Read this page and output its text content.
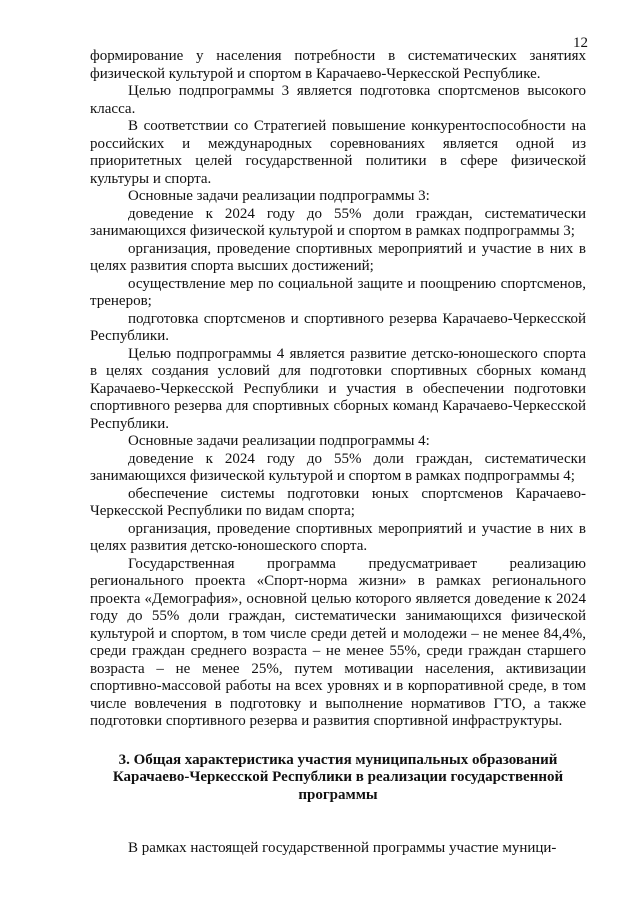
12

формирование у населения потребности в систематических занятиях физической культурой и спортом в Карачаево-Черкесской Республике.

Целью подпрограммы 3 является подготовка спортсменов высокого класса.

В соответствии со Стратегией повышение конкурентоспособности на российских и международных соревнованиях является одной из приоритетных целей государственной политики в сфере физической культуры и спорта.

Основные задачи реализации подпрограммы 3:

доведение к 2024 году до 55% доли граждан, систематически занимающихся физической культурой и спортом в рамках подпрограммы 3;

организация, проведение спортивных мероприятий и участие в них в целях развития спорта высших достижений;

осуществление мер по социальной защите и поощрению спортсменов, тренеров;

подготовка спортсменов и спортивного резерва Карачаево-Черкесской Республики.

Целью подпрограммы 4 является развитие детско-юношеского спорта в целях создания условий для подготовки спортивных сборных команд Карачаево-Черкесской Республики и участия в обеспечении подготовки спортивного резерва для спортивных сборных команд Карачаево-Черкесской Республики.

Основные задачи реализации подпрограммы 4:

доведение к 2024 году до 55% доли граждан, систематически занимающихся физической культурой и спортом в рамках подпрограммы 4;

обеспечение системы подготовки юных спортсменов Карачаево-Черкесской Республики по видам спорта;

организация, проведение спортивных мероприятий и участие в них в целях развития детско-юношеского спорта.

Государственная программа предусматривает реализацию регионального проекта «Спорт-норма жизни» в рамках регионального проекта «Демография», основной целью которого является доведение к 2024 году до 55% доли граждан, систематически занимающихся физической культурой и спортом, в том числе среди детей и молодежи – не менее 84,4%, среди граждан среднего возраста – не менее 55%, среди граждан старшего возраста – не менее 25%, путем мотивации населения, активизации спортивно-массовой работы на всех уровнях и в корпоративной среде, в том числе вовлечения в подготовку и выполнение нормативов ГТО, а также подготовки спортивного резерва и развития спортивной инфраструктуры.

3. Общая характеристика участия муниципальных образований Карачаево-Черкесской Республики в реализации государственной программы

В рамках настоящей государственной программы участие муници-
